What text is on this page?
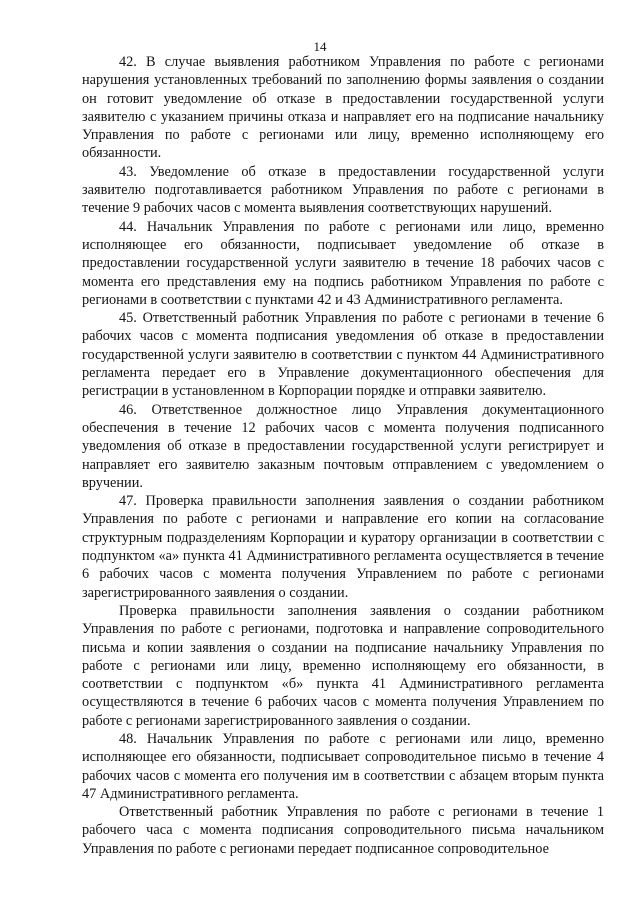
14

42. В случае выявления работником Управления по работе с регионами нарушения установленных требований по заполнению формы заявления о создании он готовит уведомление об отказе в предоставлении государственной услуги заявителю с указанием причины отказа и направляет его на подписание начальнику Управления по работе с регионами или лицу, временно исполняющему его обязанности.

43. Уведомление об отказе в предоставлении государственной услуги заявителю подготавливается работником Управления по работе с регионами в течение 9 рабочих часов с момента выявления соответствующих нарушений.

44. Начальник Управления по работе с регионами или лицо, временно исполняющее его обязанности, подписывает уведомление об отказе в предоставлении государственной услуги заявителю в течение 18 рабочих часов с момента его представления ему на подпись работником Управления по работе с регионами в соответствии с пунктами 42 и 43 Административного регламента.

45. Ответственный работник Управления по работе с регионами в течение 6 рабочих часов с момента подписания уведомления об отказе в предоставлении государственной услуги заявителю в соответствии с пунктом 44 Административного регламента передает его в Управление документационного обеспечения для регистрации в установленном в Корпорации порядке и отправки заявителю.

46. Ответственное должностное лицо Управления документационного обеспечения в течение 12 рабочих часов с момента получения подписанного уведомления об отказе в предоставлении государственной услуги регистрирует и направляет его заявителю заказным почтовым отправлением с уведомлением о вручении.

47. Проверка правильности заполнения заявления о создании работником Управления по работе с регионами и направление его копии на согласование структурным подразделениям Корпорации и куратору организации в соответствии с подпунктом «а» пункта 41 Административного регламента осуществляется в течение 6 рабочих часов с момента получения Управлением по работе с регионами зарегистрированного заявления о создании.

Проверка правильности заполнения заявления о создании работником Управления по работе с регионами, подготовка и направление сопроводительного письма и копии заявления о создании на подписание начальнику Управления по работе с регионами или лицу, временно исполняющему его обязанности, в соответствии с подпунктом «б» пункта 41 Административного регламента осуществляются в течение 6 рабочих часов с момента получения Управлением по работе с регионами зарегистрированного заявления о создании.

48. Начальник Управления по работе с регионами или лицо, временно исполняющее его обязанности, подписывает сопроводительное письмо в течение 4 рабочих часов с момента его получения им в соответствии с абзацем вторым пункта 47 Административного регламента.

Ответственный работник Управления по работе с регионами в течение 1 рабочего часа с момента подписания сопроводительного письма начальником Управления по работе с регионами передает подписанное сопроводительное
